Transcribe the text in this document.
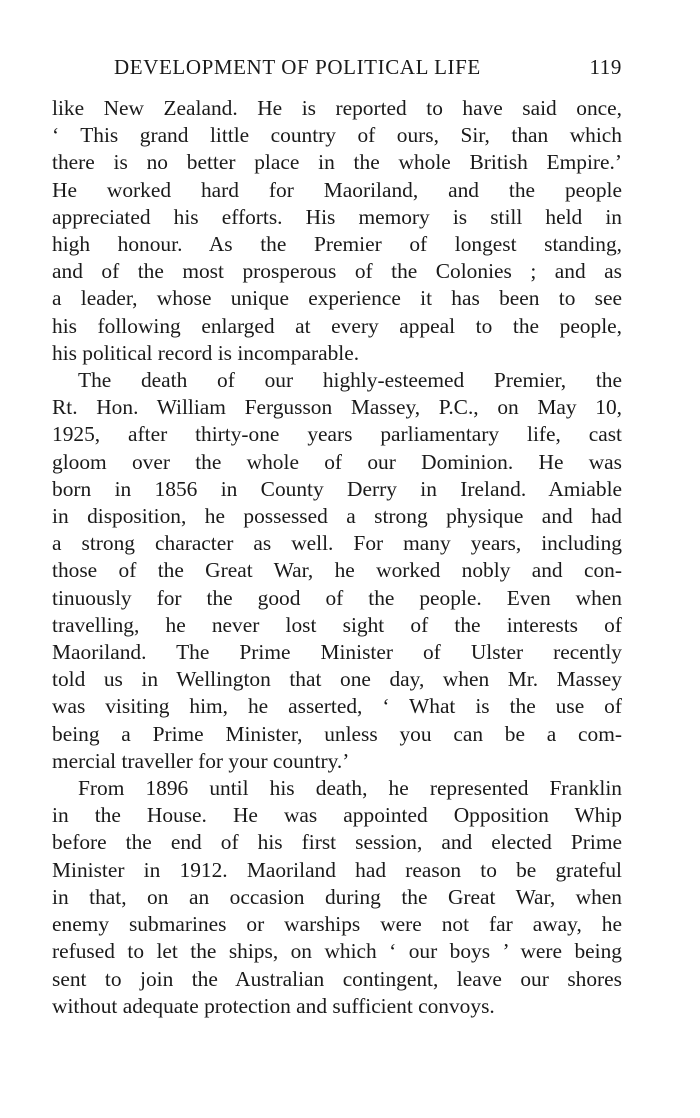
DEVELOPMENT OF POLITICAL LIFE	119

like New Zealand. He is reported to have said once,
‘ This grand little country of ours, Sir, than which
there is no better place in the whole British Empire.’
He worked hard for Maoriland, and the people
appreciated his efforts. His memory is still held in
high honour. As the Premier of longest standing,
and of the most prosperous of the Colonies ; and as
a leader, whose unique experience it has been to see
his following enlarged at every appeal to the people,
his political record is incomparable.

The death of our highly-esteemed Premier, the
Rt. Hon. William Fergusson Massey, P.C., on May 10,
1925, after thirty-one years parliamentary life, cast
gloom over the whole of our Dominion. He was
born in 1856 in County Derry in Ireland. Amiable
in disposition, he possessed a strong physique and had
a strong character as well. For many years, including
those of the Great War, he worked nobly and con-
tinuously for the good of the people. Even when
travelling, he never lost sight of the interests of
Maoriland. The Prime Minister of Ulster recently
told us in Wellington that one day, when Mr. Massey
was visiting him, he asserted, ‘ What is the use of
being a Prime Minister, unless you can be a com-
mercial traveller for your country.’

From 1896 until his death, he represented Franklin
in the House. He was appointed Opposition Whip
before the end of his first session, and elected Prime
Minister in 1912. Maoriland had reason to be grateful
in that, on an occasion during the Great War, when
enemy submarines or warships were not far away, he
refused to let the ships, on which ‘ our boys ’ were being
sent to join the Australian contingent, leave our shores
without adequate protection and sufficient convoys.
